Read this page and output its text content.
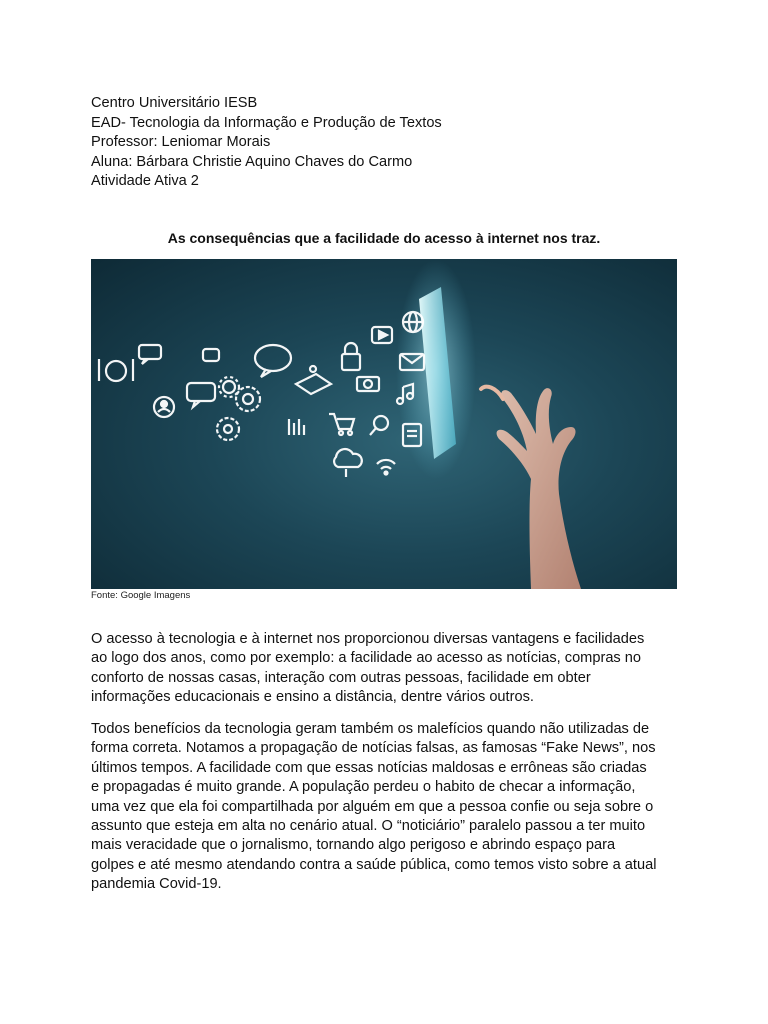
Centro Universitário IESB
EAD- Tecnologia da Informação e Produção de Textos
Professor: Leniomar Morais
Aluna: Bárbara Christie Aquino Chaves do Carmo
Atividade Ativa 2
As consequências que a facilidade do acesso à internet nos traz.
Fonte: Google Imagens
O acesso à tecnologia e à internet nos proporcionou diversas vantagens e facilidades
ao logo dos anos, como por exemplo: a facilidade ao acesso as notícias, compras no
conforto de nossas casas, interação com outras pessoas, facilidade em obter
informações educacionais e ensino a distância, dentre vários outros.
Todos benefícios da tecnologia geram também os malefícios quando não utilizadas de
forma correta. Notamos a propagação de notícias falsas, as famosas “Fake News”, nos
últimos tempos. A facilidade com que essas notícias maldosas e errôneas são criadas
e propagadas é muito grande. A população perdeu o habito de checar a informação,
uma vez que ela foi compartilhada por alguém em que a pessoa confie ou seja sobre o
assunto que esteja em alta no cenário atual. O “noticiário” paralelo passou a ter muito
mais veracidade que o jornalismo, tornando algo perigoso e abrindo espaço para
golpes e até mesmo atendando contra a saúde pública, como temos visto sobre a atual
pandemia Covid-19.
